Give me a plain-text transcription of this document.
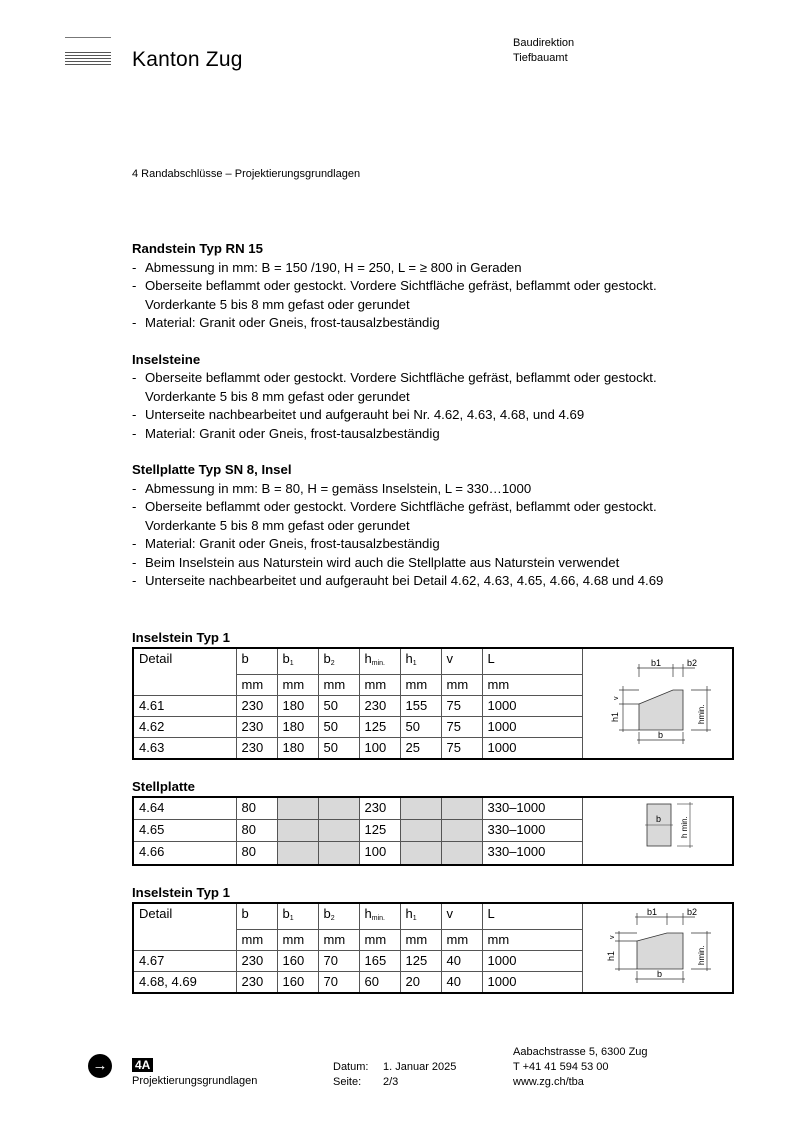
Kanton Zug
Baudirektion
Tiefbauamt
4 Randabschlüsse – Projektierungsgrundlagen
Randstein Typ RN 15
- Abmessung in mm: B = 150 /190, H = 250, L = ≥ 800 in Geraden
- Oberseite beflammt oder gestockt. Vordere Sichtfläche gefräst, beflammt oder gestockt. Vorderkante 5 bis 8 mm gefast oder gerundet
- Material: Granit oder Gneis, frost-tausalzbeständig
Inselsteine
- Oberseite beflammt oder gestockt. Vordere Sichtfläche gefräst, beflammt oder gestockt. Vorderkante 5 bis 8 mm gefast oder gerundet
- Unterseite nachbearbeitet und aufgerauht bei Nr. 4.62, 4.63, 4.68, und 4.69
- Material: Granit oder Gneis, frost-tausalzbeständig
Stellplatte Typ SN 8, Insel
- Abmessung in mm: B = 80, H = gemäss Inselstein, L = 330…1000
- Oberseite beflammt oder gestockt. Vordere Sichtfläche gefräst, beflammt oder gestockt. Vorderkante 5 bis 8 mm gefast oder gerundet
- Material: Granit oder Gneis, frost-tausalzbeständig
- Beim Inselstein aus Naturstein wird auch die Stellplatte aus Naturstein verwendet
- Unterseite nachbearbeitet und aufgerauht bei Detail 4.62, 4.63, 4.65, 4.66, 4.68 und 4.69
Inselstein Typ 1
Detail	b	$b_1$	$b_2$	$h_{min.}$	$h_1$	v	L	b1	b2
b
v
h1	hmin.

	mm	mm	mm	mm	mm	mm	mm	
4.61	230	180	50	230	155	75	1000	
4.62	230	180	50	125	50	75	1000	
4.63	230	180	50	100	25	75	1000	
Stellplatte
4.64	80			230			330–1000	b h min.

4.65	80			125			330–1000	
4.66	80			100			330–1000	
Inselstein Typ 1
Detail	b	$b_1$	$b_2$	$h_{min.}$	$h_1$	v	L	b1	b2
b
v
h1	hmin.

	mm	mm	mm	mm	mm	mm	mm	
4.67	230	160	70	165	125	40	1000	
4.68, 4.69	230	160	70	60	20	40	1000	
→	4A
Projektierungsgrundlagen
Datum: 1. Januar 2025
Seite: 2/3
Aabachstrasse 5, 6300 Zug
T +41 41 594 53 00
www.zg.ch/tba
